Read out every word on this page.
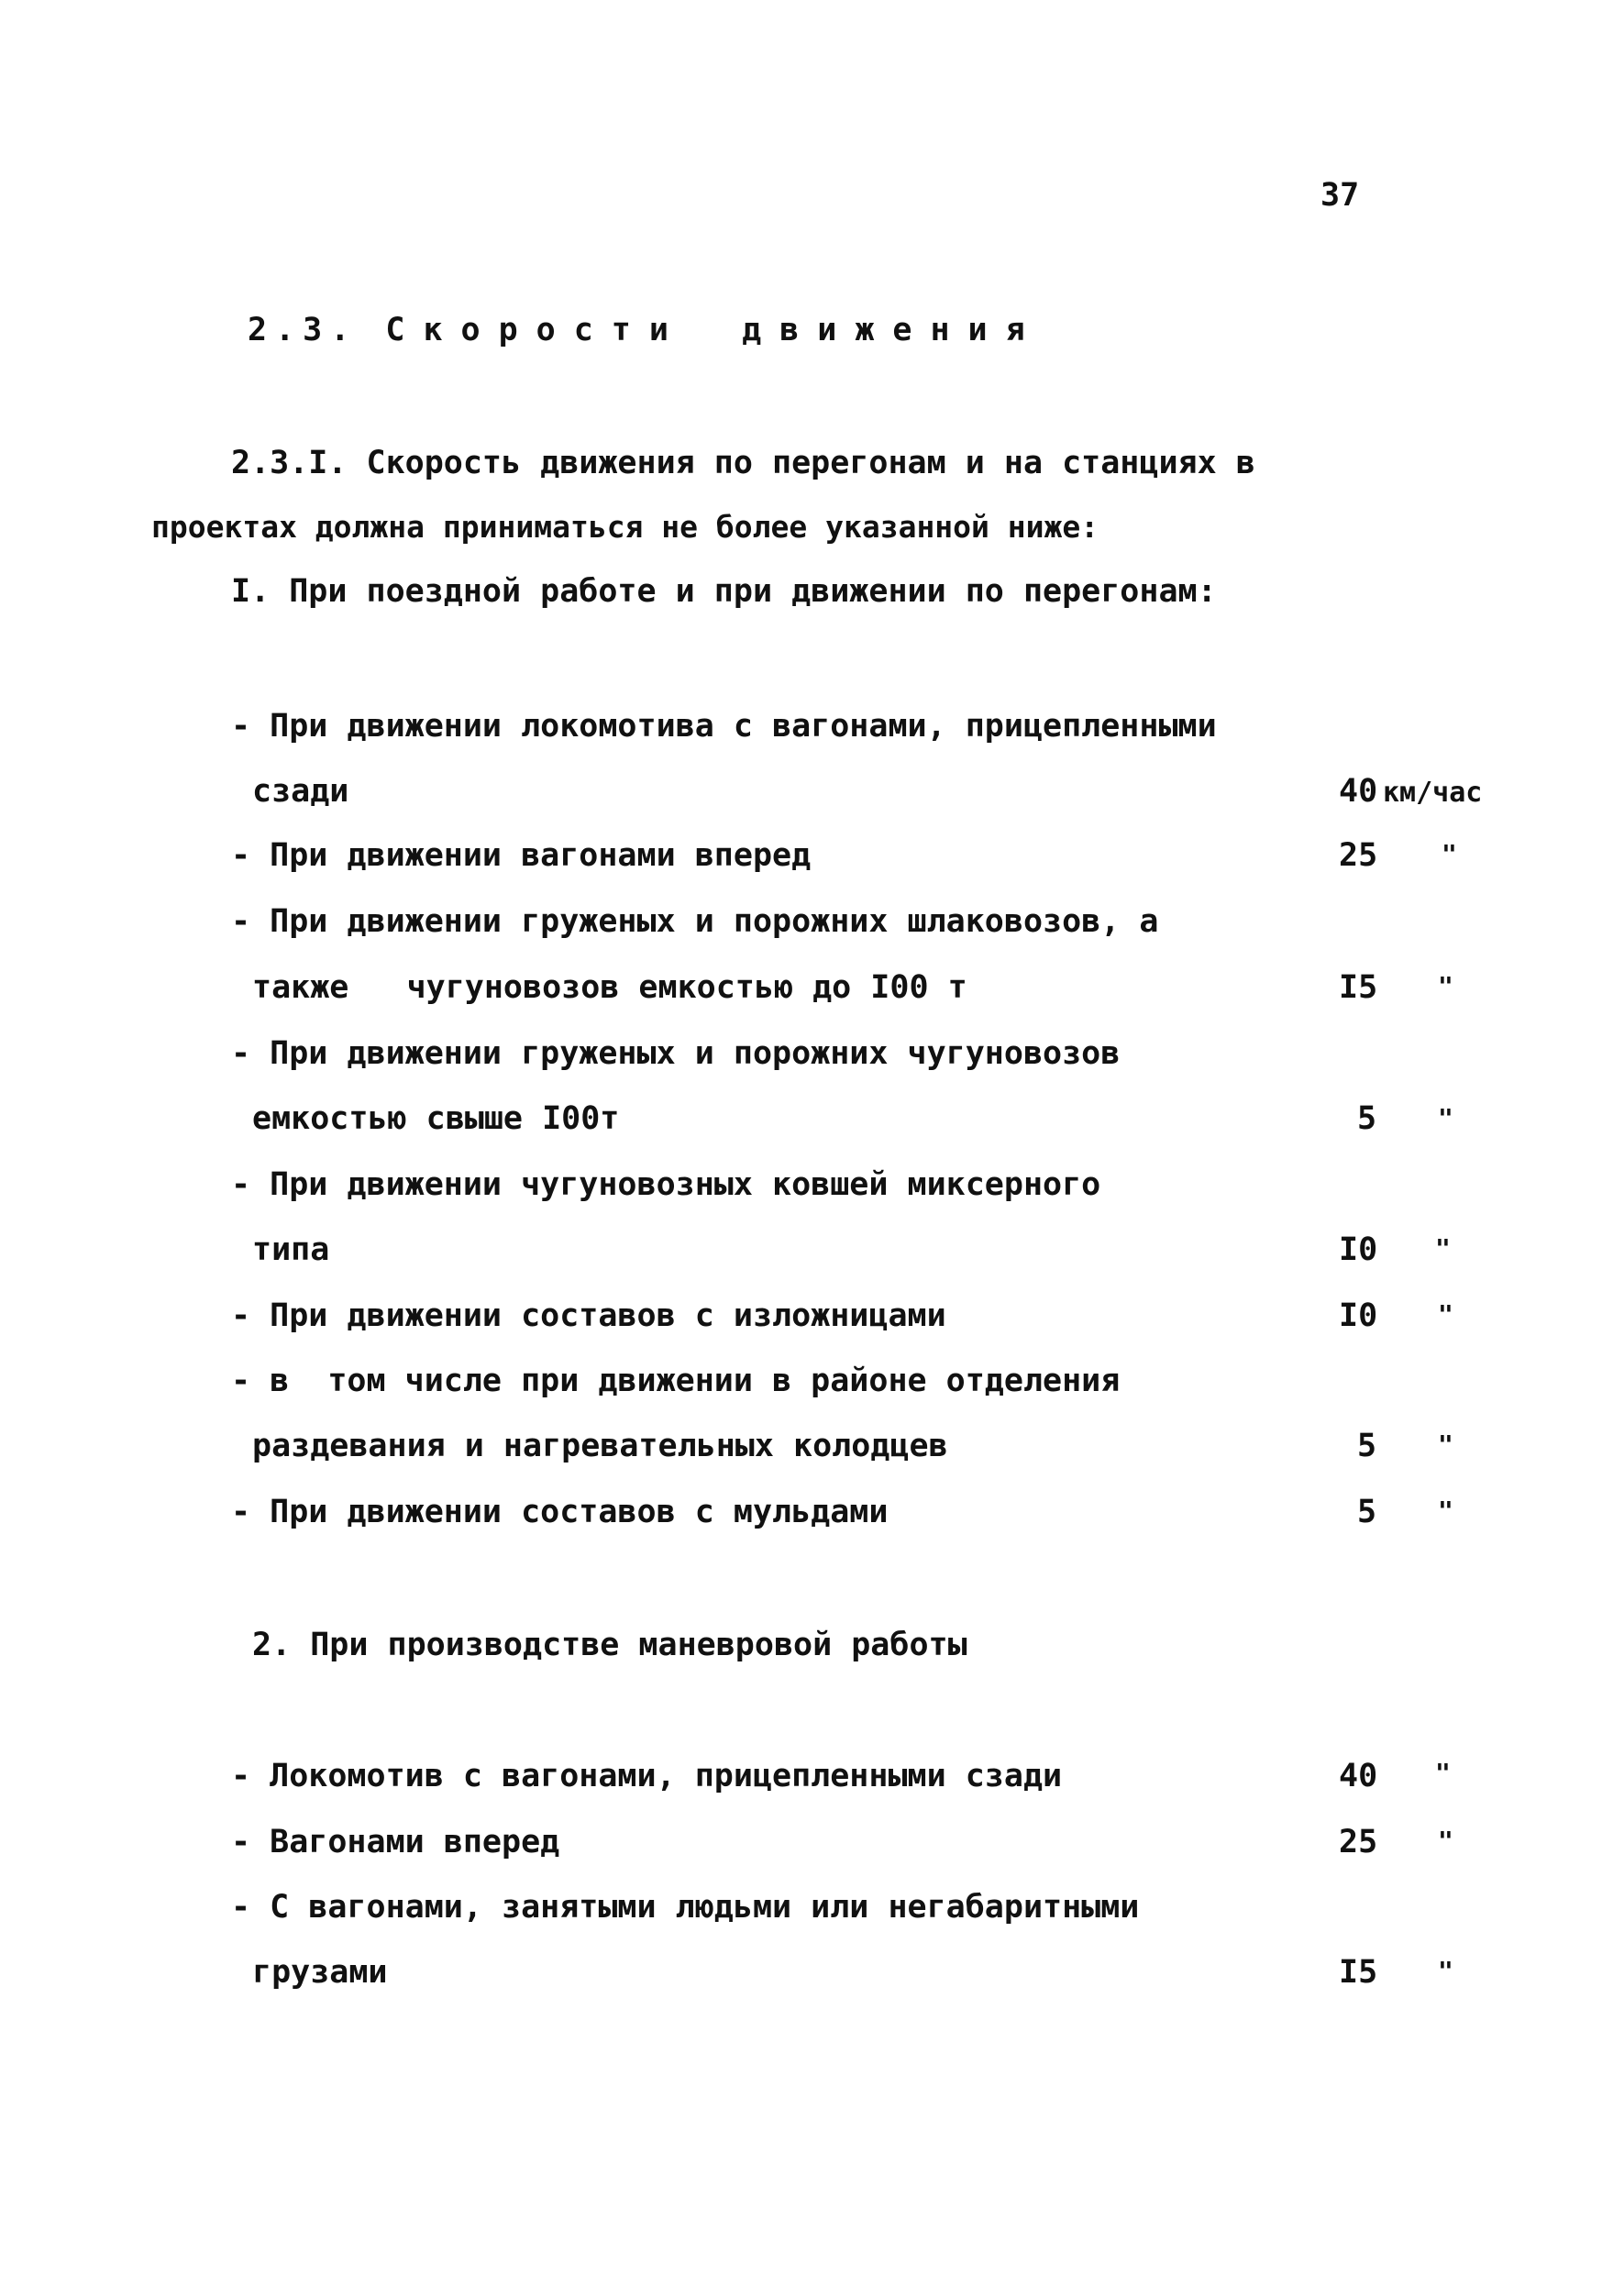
37
2.3. Скорости движения
2.3.I. Скорость движения по перегонам и на станциях в
проектах должна приниматься не более указанной ниже:
I. При поездной работе и при движении по перегонам:
- При движении локомотива с вагонами, прицепленными
сзади	40 км/час
- При движении вагонами вперед	25 "
- При движении груженых и порожних шлаковозов, а
также   чугуновозов емкостью до I00 т	I5 "
- При движении груженых и порожних чугуновозов
емкостью свыше I00т	5 "
- При движении чугуновозных ковшей миксерного
типа	I0 "
- При движении составов с изложницами	I0 "
- в  том числе при движении в районе отделения
раздевания и нагревательных колодцев	5 "
- При движении составов с мульдами	5 "
2. При производстве маневровой работы
- Локомотив с вагонами, прицепленными сзади	40 "
- Вагонами вперед	25 "
- С вагонами, занятыми людьми или негабаритными
грузами	I5 "
